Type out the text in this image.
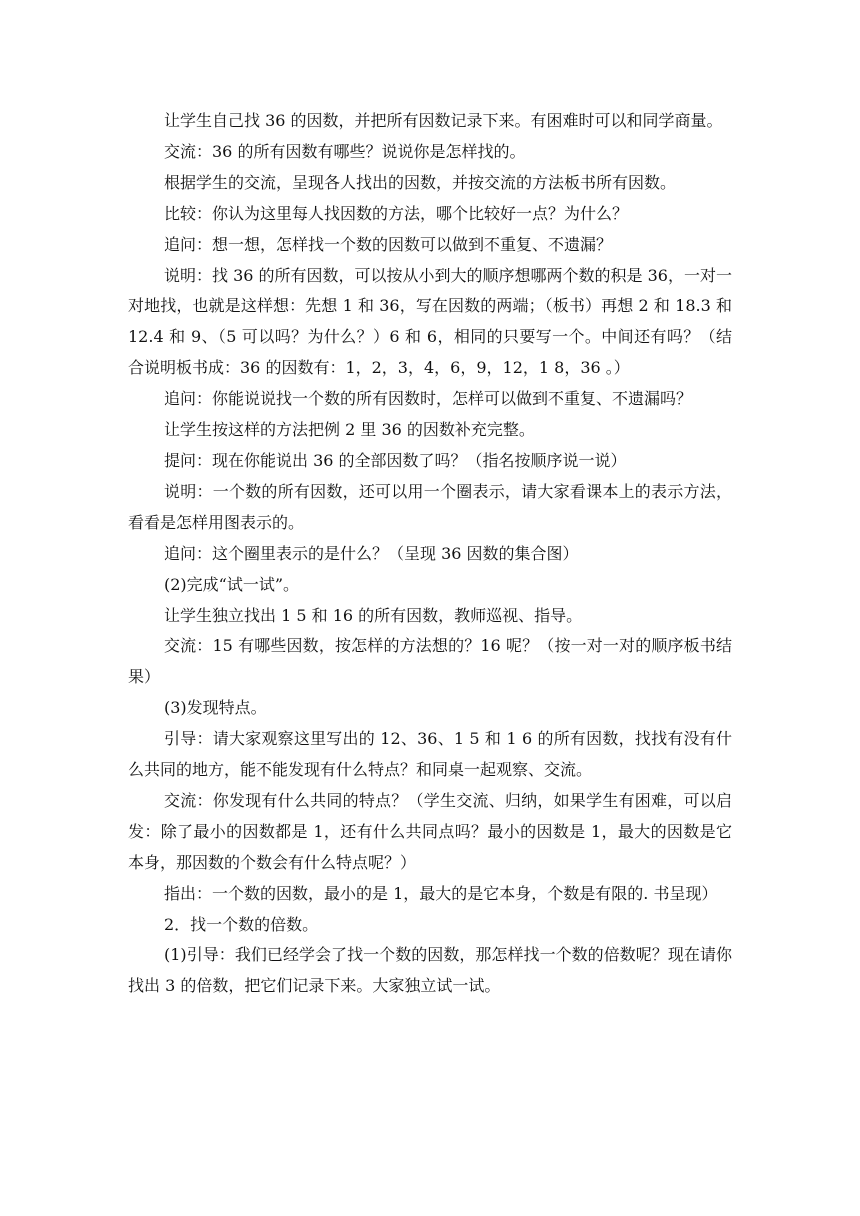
让学生自己找 36 的因数，并把所有因数记录下来。有困难时可以和同学商量。

交流：36 的所有因数有哪些？说说你是怎样找的。

根据学生的交流，呈现各人找出的因数，并按交流的方法板书所有因数。

比较：你认为这里每人找因数的方法，哪个比较好一点？为什么？

追问：想一想，怎样找一个数的因数可以做到不重复、不遗漏？

说明：找 36 的所有因数，可以按从小到大的顺序想哪两个数的积是 36，一对一对地找，也就是这样想：先想 1 和 36，写在因数的两端；（板书）再想 2 和 18.3 和 12.4 和 9、（5 可以吗？为什么？）6 和 6，相同的只要写一个。中间还有吗？（结合说明板书成：36 的因数有：1，2，3，4，6，9，12，1 8，36 。）

追问：你能说说找一个数的所有因数时，怎样可以做到不重复、不遗漏吗？

让学生按这样的方法把例 2 里 36 的因数补充完整。

提问：现在你能说出 36 的全部因数了吗？（指名按顺序说一说）

说明：一个数的所有因数，还可以用一个圈表示，请大家看课本上的表示方法，看看是怎样用图表示的。

追问：这个圈里表示的是什么？（呈现 36 因数的集合图）

(2)完成“试一试”。

让学生独立找出 1 5 和 16 的所有因数，教师巡视、指导。

交流：15 有哪些因数，按怎样的方法想的？16 呢？（按一对一对的顺序板书结果）

(3)发现特点。

引导：请大家观察这里写出的 12、36、1 5 和 1 6 的所有因数，找找有没有什么共同的地方，能不能发现有什么特点？和同桌一起观察、交流。

交流：你发现有什么共同的特点？（学生交流、归纳，如果学生有困难，可以启发：除了最小的因数都是 1，还有什么共同点吗？最小的因数是 1，最大的因数是它本身，那因数的个数会有什么特点呢？）

指出：一个数的因数，最小的是 1，最大的是它本身，个数是有限的. 书呈现）

2．找一个数的倍数。

(1)引导：我们已经学会了找一个数的因数，那怎样找一个数的倍数呢？现在请你找出 3 的倍数，把它们记录下来。大家独立试一试。
